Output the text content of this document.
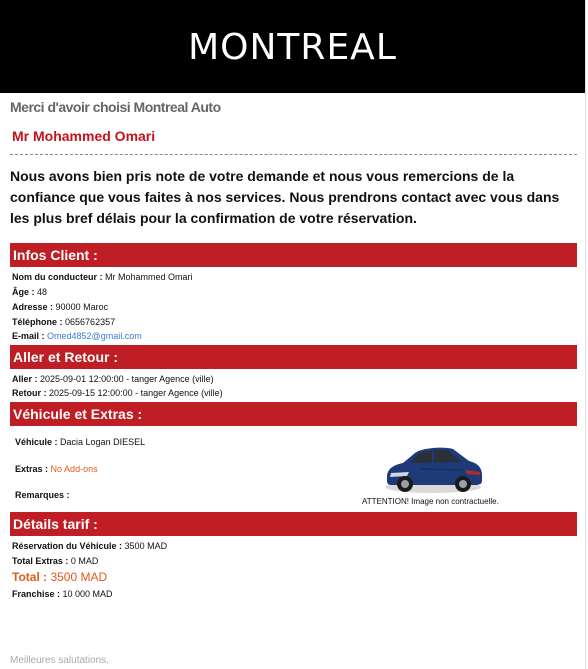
MONTREAL
Merci d'avoir choisi Montreal Auto
Mr Mohammed Omari
Nous avons bien pris note de votre demande et nous vous remercions de la confiance que vous faites à nos services. Nous prendrons contact avec vous dans les plus bref délais pour la confirmation de votre réservation.
Infos Client :
Nom du conducteur : Mr Mohammed Omari
Âge : 48
Adresse : 90000 Maroc
Téléphone : 0656762357
E-mail : Omed4852@gmail.com
Aller et Retour :
Aller : 2025-09-01 12:00:00 - tanger Agence (ville)
Retour : 2025-09-15 12:00:00 - tanger Agence (ville)
Véhicule et Extras :
Véhicule : Dacia Logan DIESEL
Extras : No Add-ons
Remarques :
ATTENTION! Image non contractuelle.
Détails tarif :
Réservation du Véhicule : 3500 MAD
Total Extras : 0 MAD
Total : 3500 MAD
Franchise : 10 000 MAD
Meilleures salutations,
